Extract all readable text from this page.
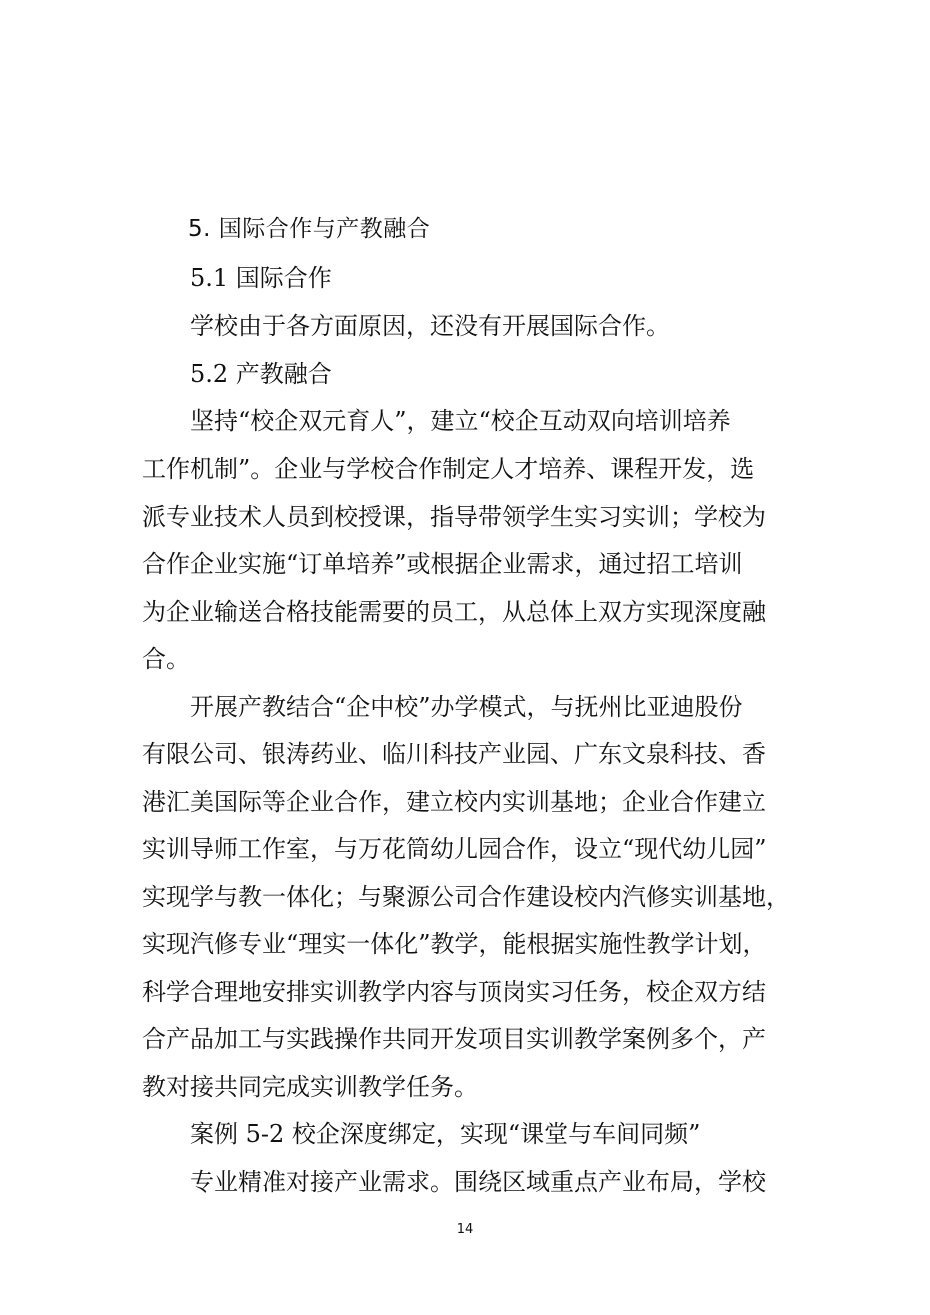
5. 国际合作与产教融合
5.1 国际合作
学校由于各方面原因，还没有开展国际合作。
5.2 产教融合
坚持“校企双元育人”，建立“校企互动双向培训培养
工作机制”。企业与学校合作制定人才培养、课程开发，选
派专业技术人员到校授课，指导带领学生实习实训；学校为
合作企业实施“订单培养”或根据企业需求，通过招工培训
为企业输送合格技能需要的员工，从总体上双方实现深度融
合。
开展产教结合“企中校”办学模式，与抚州比亚迪股份
有限公司、银涛药业、临川科技产业园、广东文泉科技、香
港汇美国际等企业合作，建立校内实训基地；企业合作建立
实训导师工作室，与万花筒幼儿园合作，设立“现代幼儿园”
实现学与教一体化；与聚源公司合作建设校内汽修实训基地，
实现汽修专业“理实一体化”教学，能根据实施性教学计划，
科学合理地安排实训教学内容与顶岗实习任务，校企双方结
合产品加工与实践操作共同开发项目实训教学案例多个，产
教对接共同完成实训教学任务。
案例 5-2 校企深度绑定，实现“课堂与车间同频”
专业精准对接产业需求。围绕区域重点产业布局，学校
14
